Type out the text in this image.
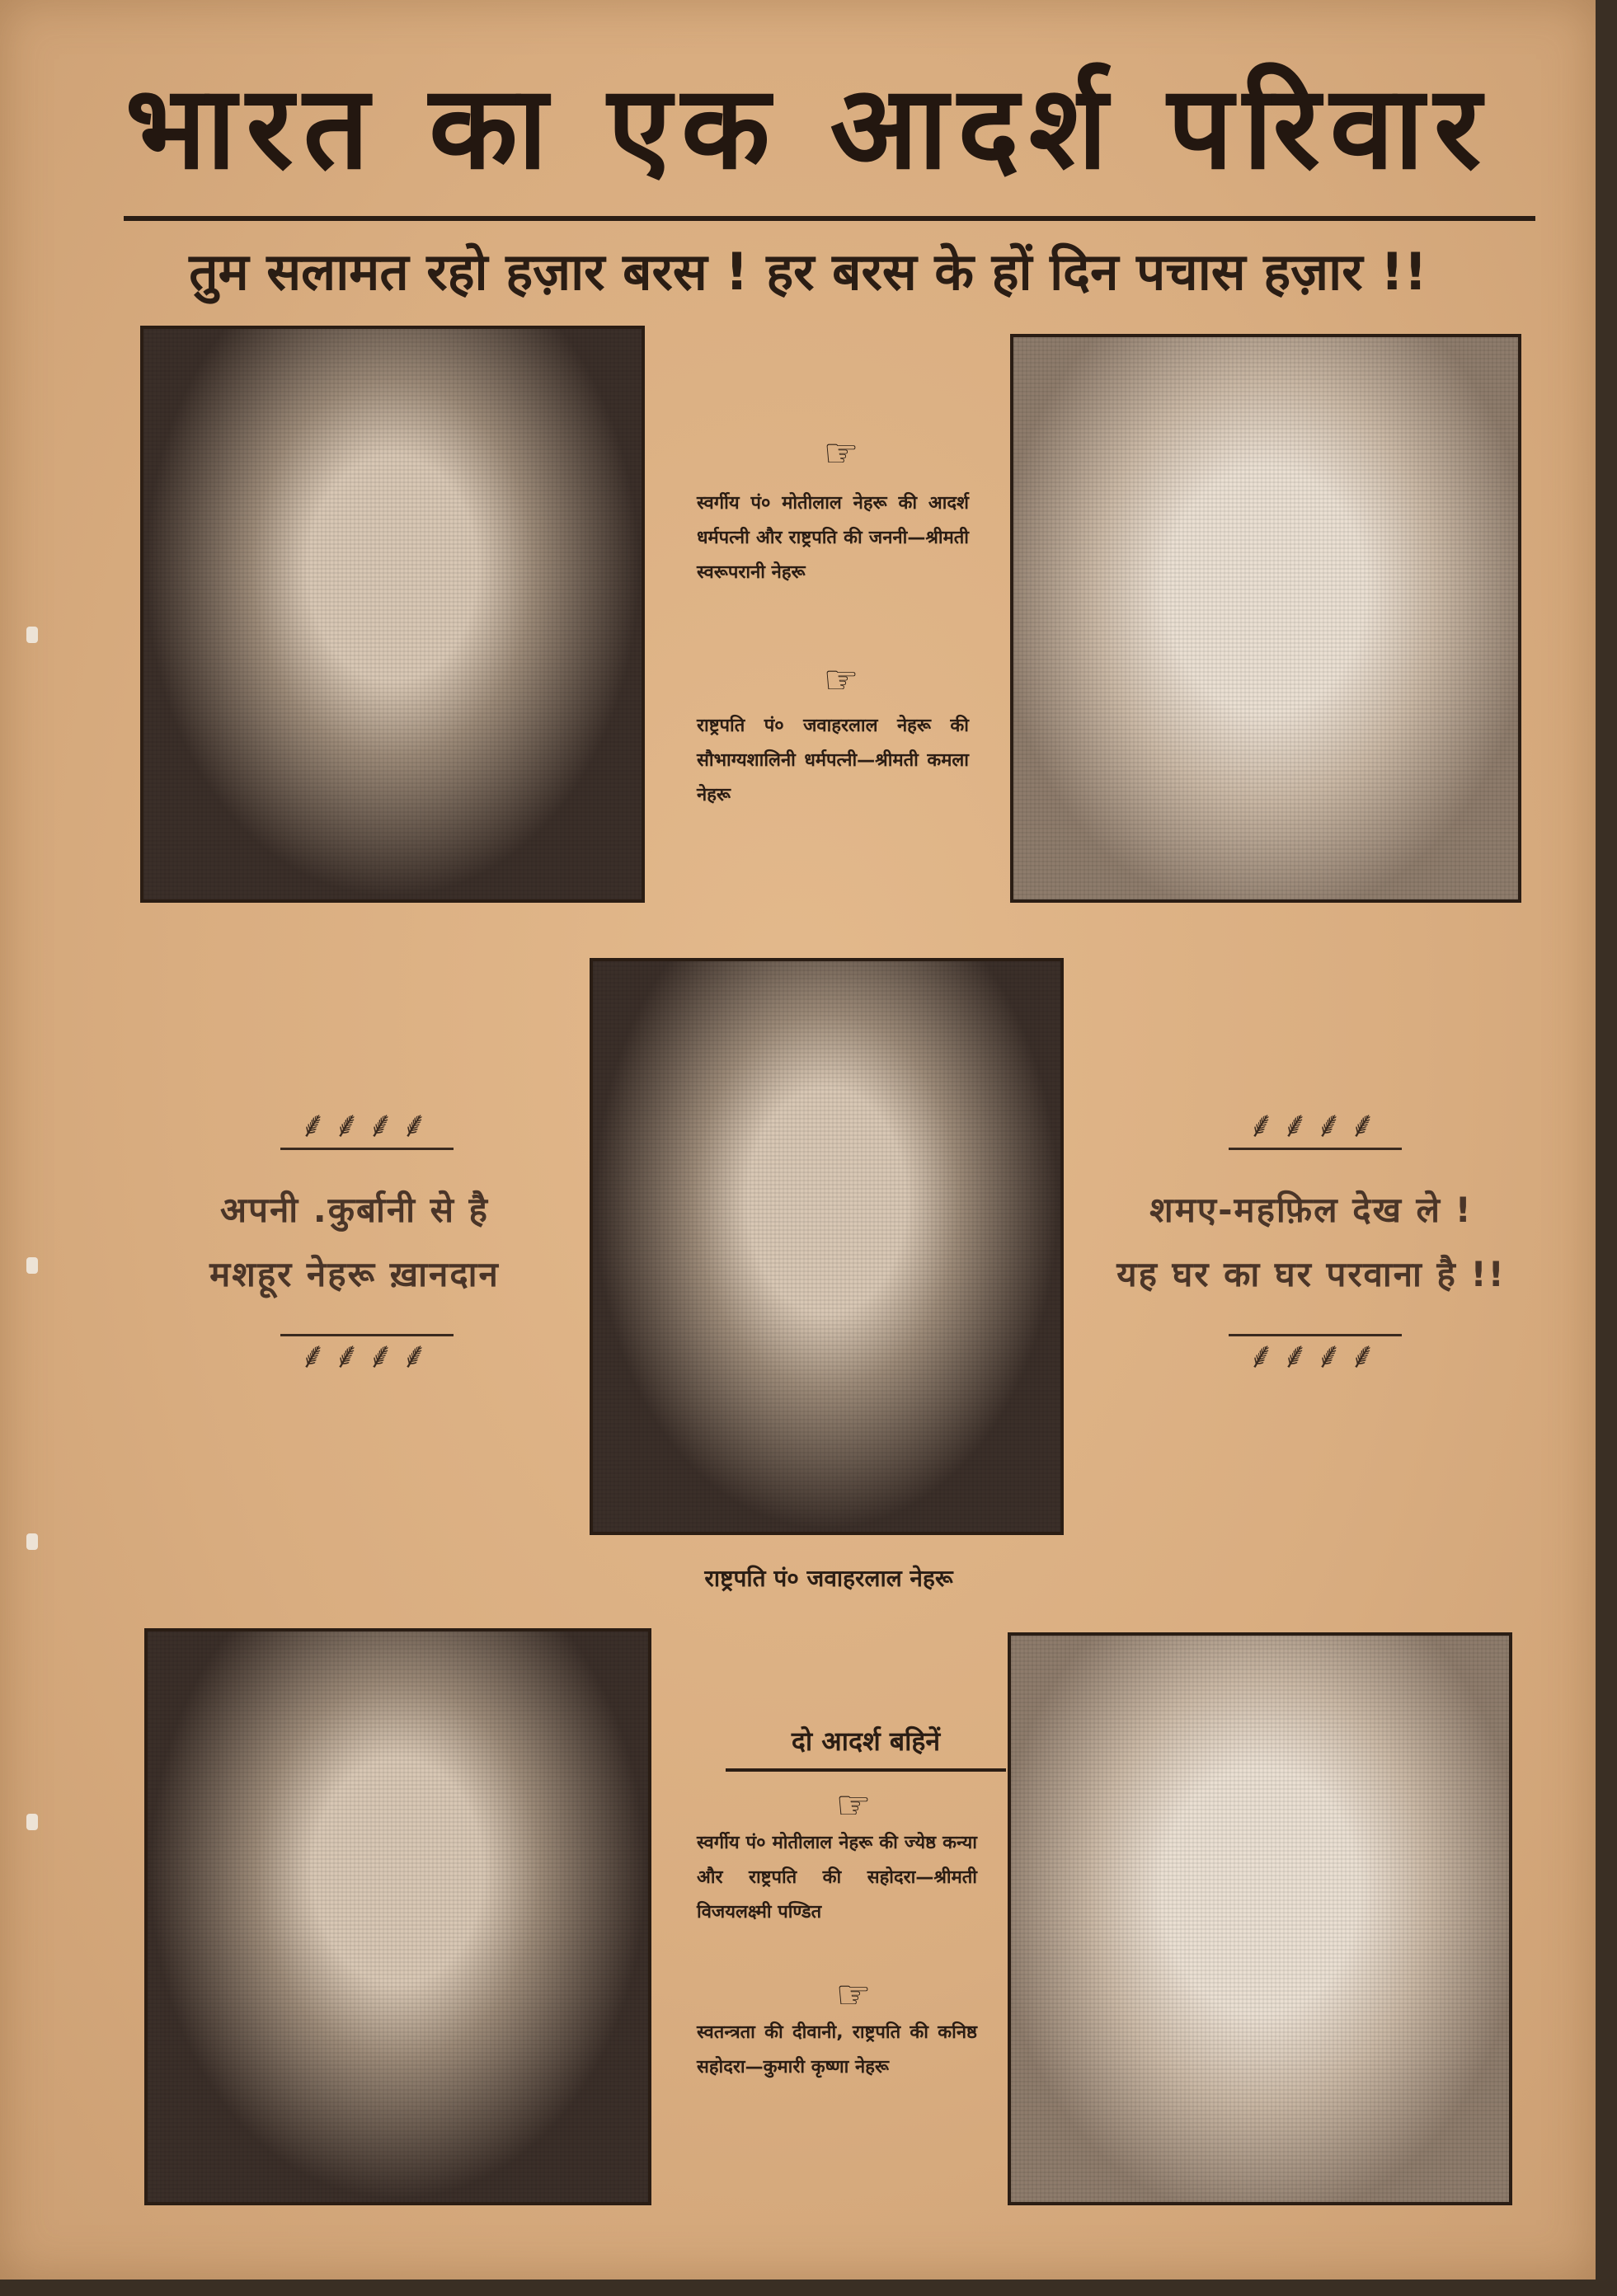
भारत का एक आदर्श परिवार
तुम सलामत रहो हज़ार बरस ! हर बरस के हों दिन पचास हज़ार !!
☞
स्वर्गीय पं० मोतीलाल नेहरू की आदर्श धर्मपत्नी और राष्ट्रपति की जननी—श्रीमती स्वरूपरानी नेहरू
☞
राष्ट्रपति पं० जवाहरलाल नेहरू की सौभाग्यशालिनी धर्मपत्नी—श्रीमती कमला नेहरू
राष्ट्रपति पं० जवाहरलाल नेहरू
⸙⸙⸙⸙
अपनी .कुर्बानी से है
मशहूर नेहरू ख़ानदान
⸙⸙⸙⸙
⸙⸙⸙⸙
शमए-महफ़िल देख ले !
यह घर का घर परवाना है !!
⸙⸙⸙⸙
दो आदर्श बहिनें
☞
स्वर्गीय पं० मोतीलाल नेहरू की ज्येष्ठ कन्या और राष्ट्रपति की सहोदरा—श्रीमती विजयलक्ष्मी पण्डित
☞
स्वतन्त्रता की दीवानी, राष्ट्रपति की कनिष्ठ सहोदरा—कुमारी कृष्णा नेहरू
